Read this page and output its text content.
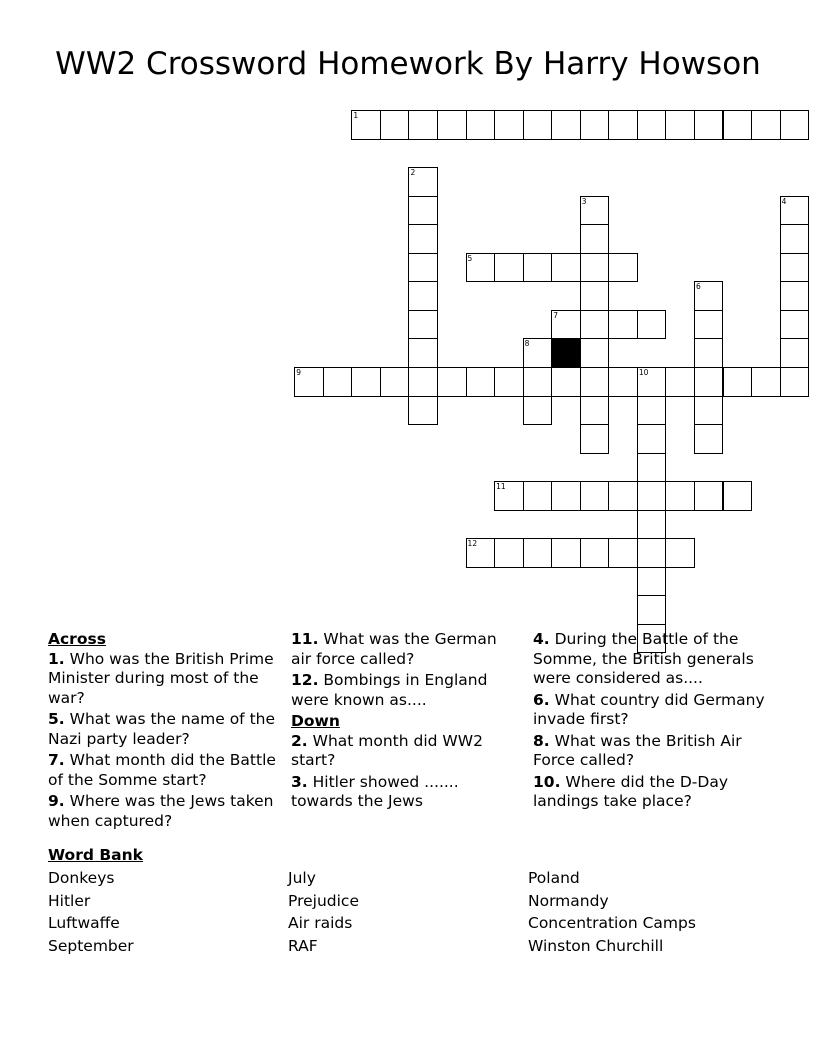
WW2 Crossword Homework By Harry Howson
1
2
3	4
5
6
7
8
9	10
11
12
Across
1. Who was the British Prime Minister during most of the war?
5. What was the name of the Nazi party leader?
7. What month did the Battle of the Somme start?
9. Where was the Jews taken when captured?
11. What was the German air force called?
12. Bombings in England were known as....
Down
2. What month did WW2 start?
3. Hitler showed ....... towards the Jews
4. During the Battle of the Somme, the British generals were considered as....
6. What country did Germany invade first?
8. What was the British Air Force called?
10. Where did the D-Day landings take place?
Word Bank
Donkeys
Hitler
Luftwaffe
September
July
Prejudice
Air raids
RAF
Poland
Normandy
Concentration Camps
Winston Churchill
